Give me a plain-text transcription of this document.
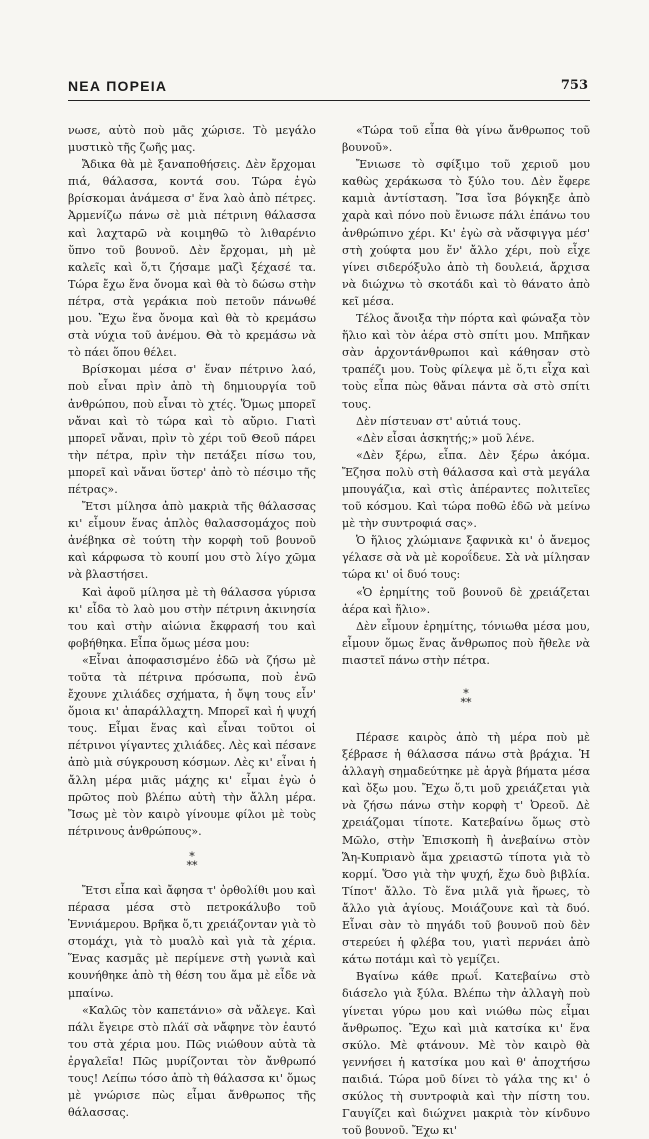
ΝΕΑ ΠΟΡΕΙΑ	753

νωσε, αὐτὸ ποὺ μᾶς χώρισε. Τὸ μεγάλο μυστικὸ τῆς ζωῆς μας.

Ἄδικα θὰ μὲ ξαναποθήσεις. Δὲν ἔρχομαι πιά, θάλασσα, κοντά σου. Τώρα ἐγὼ βρίσκομαι ἀνάμεσα σ' ἕνα λαὸ ἀπὸ πέτρες. Ἀρμενίζω πάνω σὲ μιὰ πέτρινη θάλασσα καὶ λαχταρῶ νὰ κοιμηθῶ τὸ λιθαρένιο ὕπνο τοῦ βουνοῦ. Δὲν ἔρχομαι, μὴ μὲ καλεῖς καὶ ὅ,τι ζήσαμε μαζὶ ξέχασέ τα. Τώρα ἔχω ἕνα ὄνομα καὶ θὰ τὸ δώσω στὴν πέτρα, στὰ γεράκια ποὺ πετοῦν πάνωθέ μου. Ἔχω ἕνα ὄνομα καὶ θὰ τὸ κρεμάσω στὰ νύχια τοῦ ἀνέμου. Θὰ τὸ κρεμάσω νὰ τὸ πάει ὅπου θέλει.

Βρίσκομαι μέσα σ' ἕναν πέτρινο λαό, ποὺ εἶναι πρὶν ἀπὸ τὴ δημιουργία τοῦ ἀνθρώπου, ποὺ εἶναι τὸ χτές. Ὅμως μπορεῖ νἄναι καὶ τὸ τώρα καὶ τὸ αὔριο. Γιατὶ μπορεῖ νἄναι, πρὶν τὸ χέρι τοῦ Θεοῦ πάρει τὴν πέτρα, πρὶν τὴν πετάξει πίσω του, μπορεῖ καὶ νἄναι ὕστερ' ἀπὸ τὸ πέσιμο τῆς πέτρας».

Ἔτσι μίλησα ἀπὸ μακριὰ τῆς θάλασσας κι' εἶμουν ἕνας ἁπλὸς θαλασσομάχος ποὺ ἀνέβηκα σὲ τούτη τὴν κορφὴ τοῦ βουνοῦ καὶ κάρφωσα τὸ κουπί μου στὸ λίγο χῶμα νὰ βλαστήσει.

Καὶ ἀφοῦ μίλησα μὲ τὴ θάλασσα γύρισα κι' εἶδα τὸ λαὸ μου στὴν πέτρινη ἀκινησία του καὶ στὴν αἰώνια ἔκφρασή του καὶ φοβήθηκα. Εἶπα ὅμως μέσα μου:

«Εἶναι ἀποφασισμένο ἐδῶ νὰ ζήσω μὲ τοῦτα τὰ πέτρινα πρόσωπα, ποὺ ἐνῶ ἔχουνε χιλιάδες σχήματα, ἡ ὄψη τους εἶν' ὅμοια κι' ἀπαράλλαχτη. Μπορεῖ καὶ ἡ ψυχή τους. Εἶμαι ἕνας καὶ εἶναι τοῦτοι οἱ πέτρινοι γίγαντες χιλιάδες. Λὲς καὶ πέσανε ἀπὸ μιὰ σύγκρουση κόσμων. Λὲς κι' εἶναι ἡ ἄλλη μέρα μιᾶς μάχης κι' εἶμαι ἐγὼ ὁ πρῶτος ποὺ βλέπω αὐτὴ τὴν ἄλλη μέρα. Ἴσως μὲ τὸν καιρὸ γίνουμε φίλοι μὲ τοὺς πέτρινους ἀνθρώπους».

*
**

Ἔτσι εἶπα καὶ ἄφησα τ' ὀρθολίθι μου καὶ πέρασα μέσα στὸ πετροκάλυβο τοῦ Ἐννιάμερου. Βρῆκα ὅ,τι χρειάζονταν γιὰ τὸ στομάχι, γιὰ τὸ μυαλὸ καὶ γιὰ τὰ χέρια. Ἕνας κασμᾶς μὲ περίμενε στὴ γωνιὰ καὶ κουνήθηκε ἀπὸ τὴ θέση του ἅμα μὲ εἶδε νὰ μπαίνω.

«Καλῶς τὸν καπετάνιο» σὰ νἄλεγε. Καὶ πάλι ἔγειρε στὸ πλάϊ σὰ νἄφηνε τὸν ἑαυτό του στὰ χέρια μου. Πῶς νιώθουν αὐτὰ τὰ ἐργαλεῖα! Πῶς μυρίζονται τὸν ἄνθρωπό τους! Λείπω τόσο ἀπὸ τὴ θάλασσα κι' ὅμως μὲ γνώρισε πὼς εἶμαι ἄνθρωπος τῆς θάλασσας.

«Τώρα τοῦ εἶπα θὰ γίνω ἄνθρωπος τοῦ βουνοῦ».

Ἔνιωσε τὸ σφίξιμο τοῦ χεριοῦ μου καθὼς χεράκωσα τὸ ξύλο του. Δὲν ἔφερε καμιὰ ἀντίσταση. Ἴσα ἴσα βόγκηξε ἀπὸ χαρὰ καὶ πόνο ποὺ ἔνιωσε πάλι ἐπάνω του ἀνθρώπινο χέρι. Κι' ἐγὼ σὰ νἄσφιγγα μέσ' στὴ χούφτα μου ἕν' ἄλλο χέρι, ποὺ εἶχε γίνει σιδερόξυλο ἀπὸ τὴ δουλειά, ἄρχισα νὰ διώχνω τὸ σκοτάδι καὶ τὸ θάνατο ἀπὸ κεῖ μέσα.

Τέλος ἄνοιξα τὴν πόρτα καὶ φώναξα τὸν ἥλιο καὶ τὸν ἀέρα στὸ σπίτι μου. Μπῆκαν σὰν ἀρχοντάνθρωποι καὶ κάθησαν στὸ τραπέζι μου. Τοὺς φίλεψα μὲ ὅ,τι εἶχα καὶ τοὺς εἶπα πὼς θἄναι πάντα σὰ στὸ σπίτι τους.

Δὲν πίστευαν στ' αὐτιά τους.

«Δὲν εἶσαι ἀσκητής;» μοῦ λένε.

«Δὲν ξέρω, εἶπα. Δὲν ξέρω ἀκόμα. Ἔζησα πολὺ στὴ θάλασσα καὶ στὰ μεγάλα μπουγάζια, καὶ στὶς ἀπέραντες πολιτεῖες τοῦ κόσμου. Καὶ τώρα ποθῶ ἐδῶ νὰ μείνω μὲ τὴν συντροφιά σας».

Ὁ ἥλιος χλώμιανε ξαφνικὰ κι' ὁ ἄνεμος γέλασε σὰ νὰ μὲ κοροΐδευε. Σὰ νὰ μίλησαν τώρα κι' οἱ δυό τους:

«Ὁ ἐρημίτης τοῦ βουνοῦ δὲ χρειάζεται ἀέρα καὶ ἥλιο».

Δὲν εἶμουν ἐρημίτης, τόνιωθα μέσα μου, εἶμουν ὅμως ἕνας ἄνθρωπος ποὺ ἤθελε νὰ πιαστεῖ πάνω στὴν πέτρα.

*
**

Πέρασε καιρὸς ἀπὸ τὴ μέρα ποὺ μὲ ξέβρασε ἡ θάλασσα πάνω στὰ βράχια. Ἡ ἀλλαγὴ σημαδεύτηκε μὲ ἀργὰ βήματα μέσα καὶ ὄξω μου. Ἔχω ὅ,τι μοῦ χρειάζεται γιὰ νὰ ζήσω πάνω στὴν κορφὴ τ' Ὀρεοῦ. Δὲ χρειάζομαι τίποτε. Κατεβαίνω ὅμως στὸ Μῶλο, στὴν Ἐπισκοπὴ ἢ ἀνεβαίνω στὸν Ἅη-Κυπριανὸ ἅμα χρειαστῶ τίποτα γιὰ τὸ κορμί. Ὅσο γιὰ τὴν ψυχή, ἔχω δυὸ βιβλία. Τίποτ' ἄλλο. Τὸ ἕνα μιλᾶ γιὰ ἥρωες, τὸ ἄλλο γιὰ ἁγίους. Μοιάζουνε καὶ τὰ δυό. Εἶναι σὰν τὸ πηγάδι τοῦ βουνοῦ ποὺ δὲν στερεύει ἡ φλέβα του, γιατὶ περνάει ἀπὸ κάτω ποτάμι καὶ τὸ γεμίζει.

Βγαίνω κάθε πρωΐ. Κατεβαίνω στὸ διάσελο γιὰ ξύλα. Βλέπω τὴν ἀλλαγὴ ποὺ γίνεται γύρω μου καὶ νιώθω πὼς εἶμαι ἄνθρωπος. Ἔχω καὶ μιὰ κατσίκα κι' ἕνα σκύλο. Μὲ φτάνουν. Μὲ τὸν καιρὸ θὰ γεννήσει ἡ κατσίκα μου καὶ θ' ἀποχτήσω παιδιά. Τώρα μοῦ δίνει τὸ γάλα της κι' ὁ σκύλος τὴ συντροφιὰ καὶ τὴν πίστη του. Γαυγίζει καὶ διώχνει μακριὰ τὸν κίνδυνο τοῦ βουνοῦ. Ἔχω κι'
